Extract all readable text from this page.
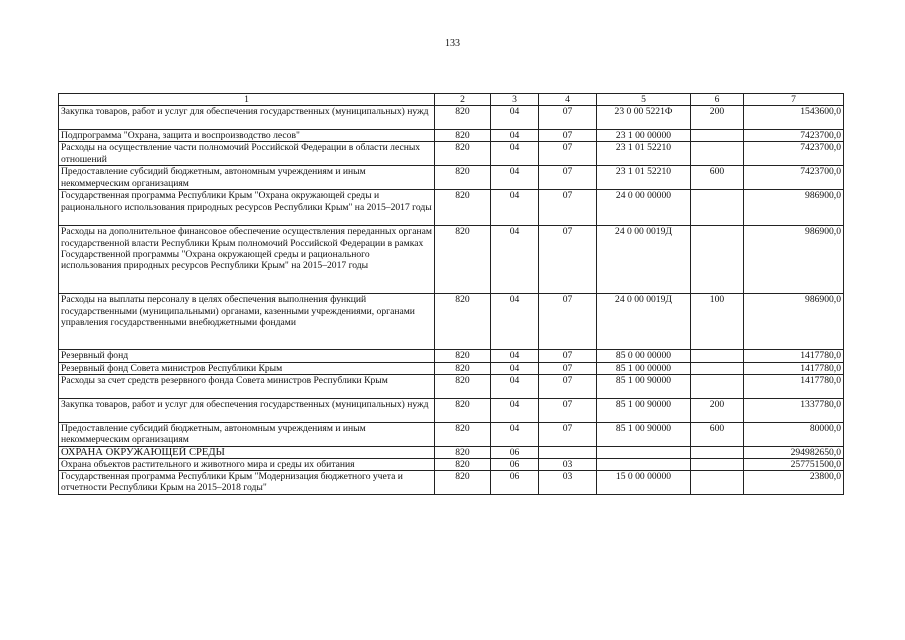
133
1	2	3	4	5	6	7
Закупка товаров, работ и услуг для обеспечения государственных (муниципальных) нужд	820	04	07	23 0 00 5221Ф	200	1543600,0
Подпрограмма "Охрана, защита и воспроизводство лесов"	820	04	07	23 1 00 00000		7423700,0
Расходы на осуществление части полномочий Российской Федерации в области лесных отношений	820	04	07	23 1 01 52210		7423700,0
Предоставление субсидий бюджетным, автономным учреждениям и иным некоммерческим организациям	820	04	07	23 1 01 52210	600	7423700,0
Государственная программа Республики Крым "Охрана окружающей среды и рационального использования природных ресурсов Республики Крым" на 2015–2017 годы	820	04	07	24 0 00 00000		986900,0
Расходы на дополнительное финансовое обеспечение осуществления переданных органам государственной власти Республики Крым полномочий Российской Федерации в рамках Государственной программы "Охрана окружающей среды и рационального использования природных ресурсов Республики Крым" на 2015–2017 годы	820	04	07	24 0 00 0019Д		986900,0
Расходы на выплаты персоналу в целях обеспечения выполнения функций государственными (муниципальными) органами, казенными учреждениями, органами управления государственными внебюджетными фондами	820	04	07	24 0 00 0019Д	100	986900,0
Резервный фонд	820	04	07	85 0 00 00000		1417780,0
Резервный фонд Совета министров Республики Крым	820	04	07	85 1 00 00000		1417780,0
Расходы за счет средств резервного фонда Совета министров Республики Крым	820	04	07	85 1 00 90000		1417780,0
Закупка товаров, работ и услуг для обеспечения государственных (муниципальных) нужд	820	04	07	85 1 00 90000	200	1337780,0
Предоставление субсидий бюджетным, автономным учреждениям и иным некоммерческим организациям	820	04	07	85 1 00 90000	600	80000,0
ОХРАНА ОКРУЖАЮЩЕЙ СРЕДЫ	820	06				294982650,0
Охрана объектов растительного и животного мира и среды их обитания	820	06	03			257751500,0
Государственная программа Республики Крым "Модернизация бюджетного учета и отчетности Республики Крым на 2015–2018 годы"	820	06	03	15 0 00 00000		23800,0
